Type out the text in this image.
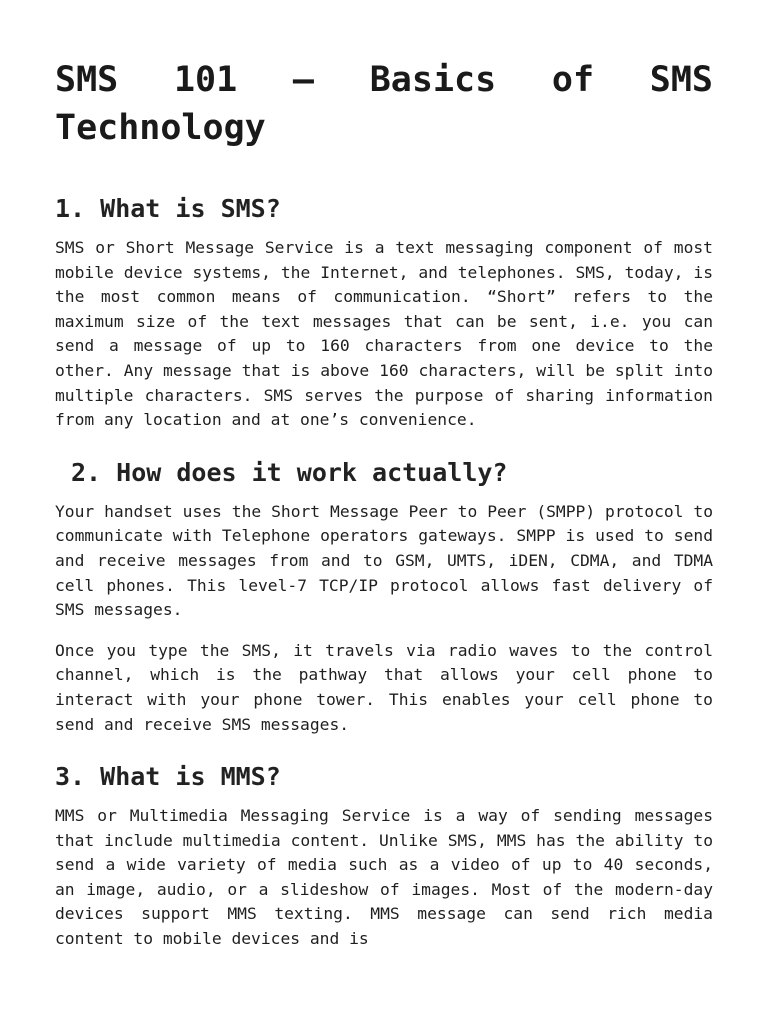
SMS 101 – Basics of SMS Technology
1. What is SMS?

SMS or Short Message Service is a text messaging component of most mobile device systems, the Internet, and telephones. SMS, today, is the most common means of communication. “Short” refers to the maximum size of the text messages that can be sent, i.e. you can send a message of up to 160 characters from one device to the other. Any message that is above 160 characters, will be split into multiple characters. SMS serves the purpose of sharing information from any location and at one’s convenience.

2. How does it work actually?

Your handset uses the Short Message Peer to Peer (SMPP) protocol to communicate with Telephone operators gateways. SMPP is used to send and receive messages from and to GSM, UMTS, iDEN, CDMA, and TDMA cell phones. This level-7 TCP/IP protocol allows fast delivery of SMS messages.

Once you type the SMS, it travels via radio waves to the control channel, which is the pathway that allows your cell phone to interact with your phone tower. This enables your cell phone to send and receive SMS messages.

3. What is MMS?

MMS or Multimedia Messaging Service is a way of sending messages that include multimedia content. Unlike SMS, MMS has the ability to send a wide variety of media such as a video of up to 40 seconds, an image, audio, or a slideshow of images. Most of the modern-day devices support MMS texting. MMS message can send rich media content to mobile devices and is
